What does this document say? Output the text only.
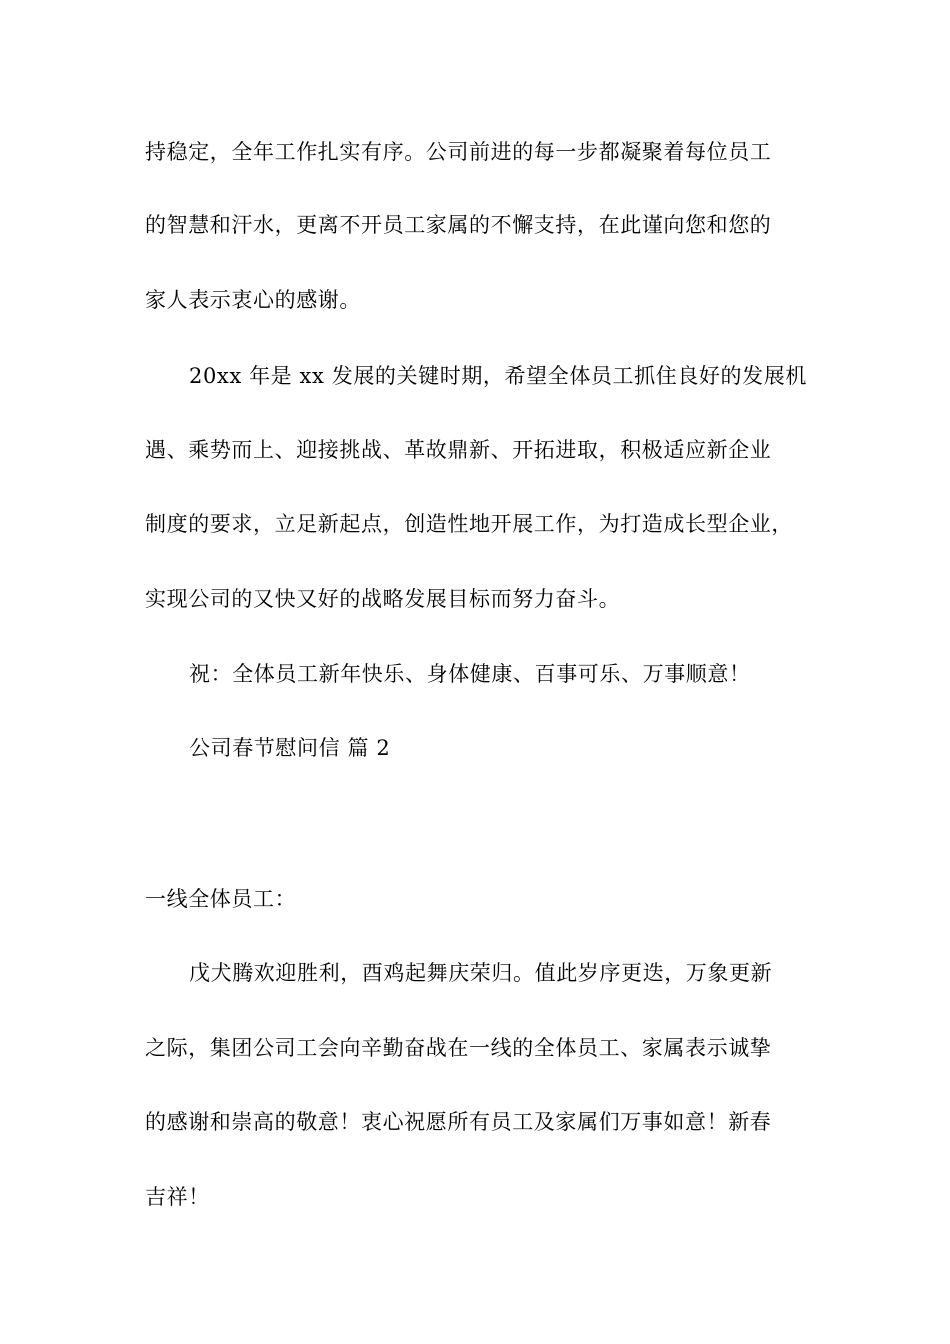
持稳定，全年工作扎实有序。公司前进的每一步都凝聚着每位员工
的智慧和汗水，更离不开员工家属的不懈支持，在此谨向您和您的
家人表示衷心的感谢。
20xx 年是 xx 发展的关键时期，希望全体员工抓住良好的发展机
遇、乘势而上、迎接挑战、革故鼎新、开拓进取，积极适应新企业
制度的要求，立足新起点，创造性地开展工作，为打造成长型企业，
实现公司的又快又好的战略发展目标而努力奋斗。
祝：全体员工新年快乐、身体健康、百事可乐、万事顺意！
公司春节慰问信 篇 2
一线全体员工：
戊犬腾欢迎胜利，酉鸡起舞庆荣归。值此岁序更迭，万象更新
之际，集团公司工会向辛勤奋战在一线的全体员工、家属表示诚挚
的感谢和崇高的敬意！衷心祝愿所有员工及家属们万事如意！新春
吉祥！
